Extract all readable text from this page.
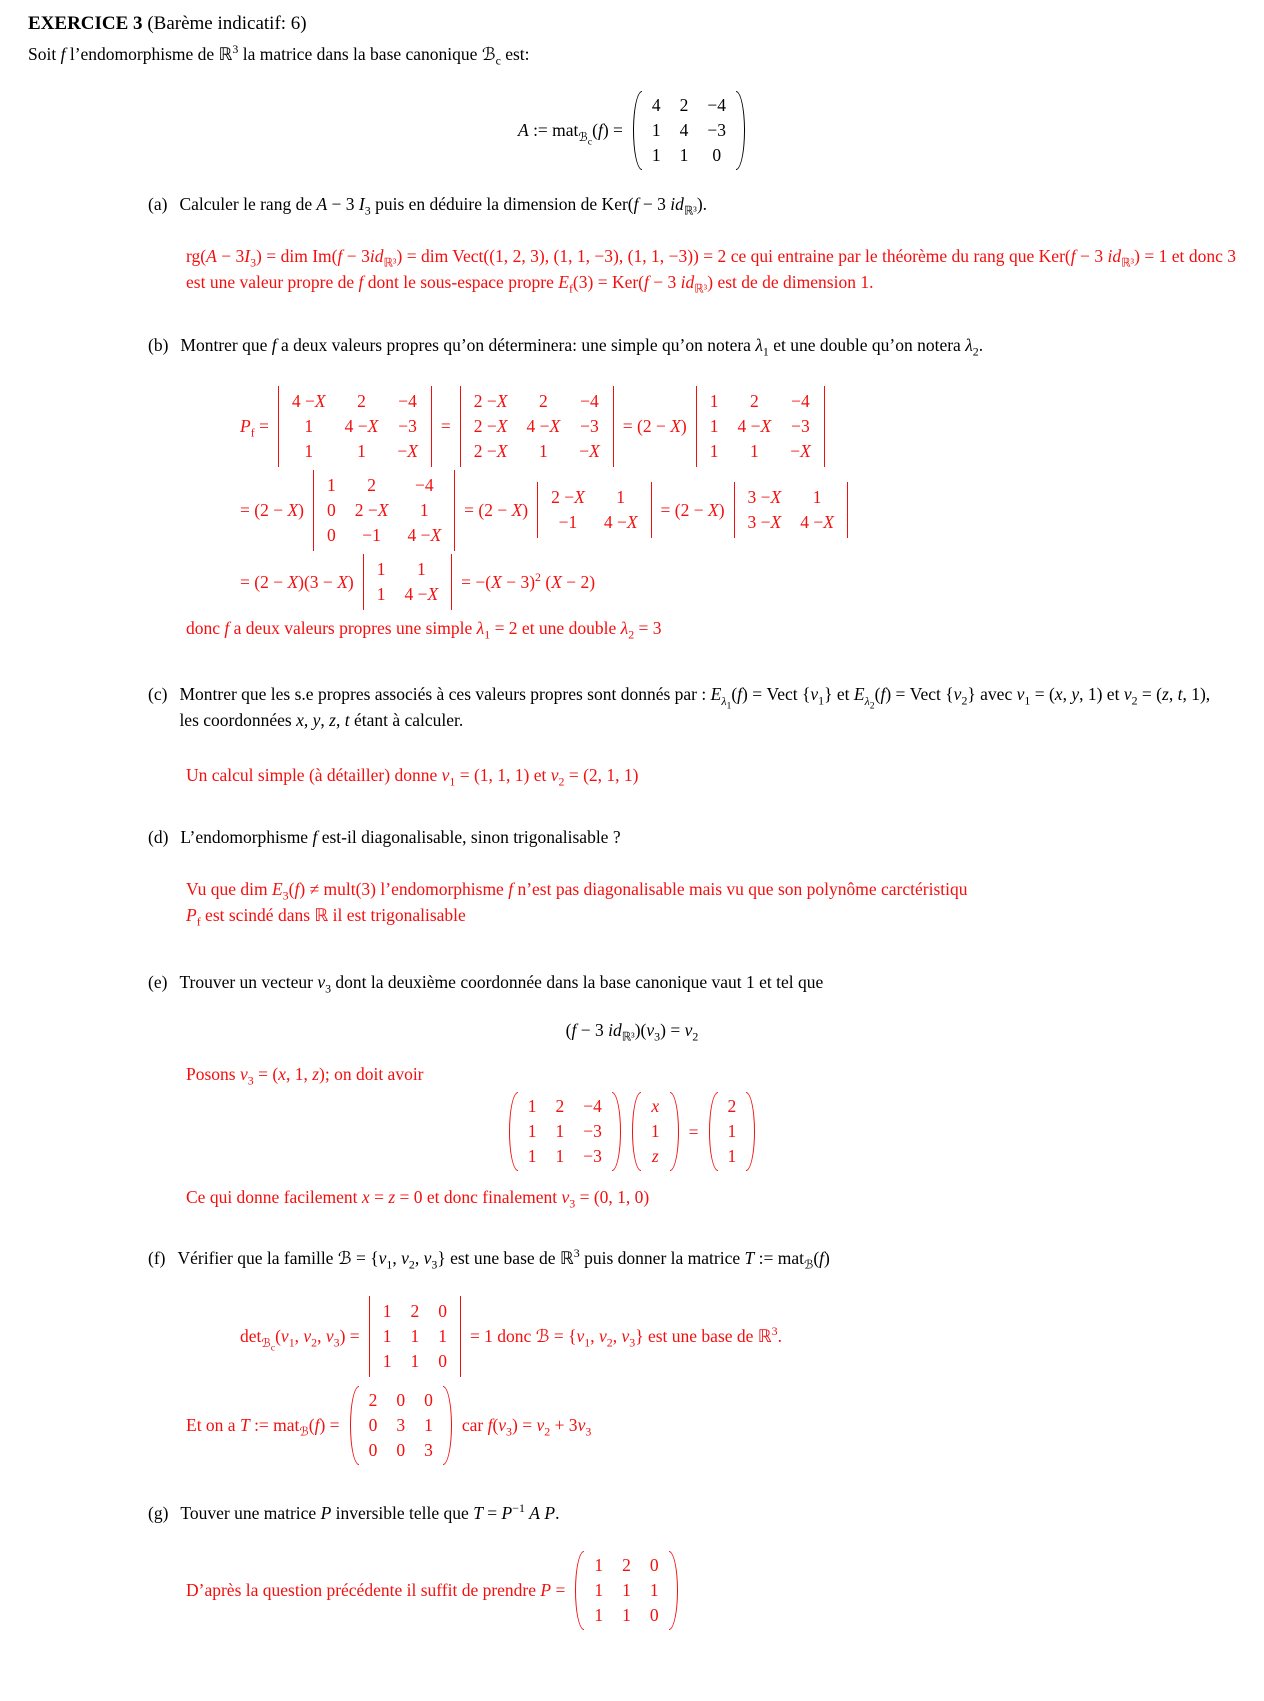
EXERCICE 3 (Barème indicatif: 6)
Soit f l’endomorphisme de ℝ$^3$ la matrice dans la base canonique ℬ$_c$ est:
A := mat$_{ℬ_c}$(f) =
4 2 −4
1 4 −3
1 1 0
(a) Calculer le rang de A − 3 $I_3$ puis en déduire la dimension de Ker(f − 3 $id_{ℝ^3}$).
$rg(A - 3I_3)$ = dim $Im(f - 3id_{ℝ^3})$ = dim Vect((1, 2, 3), (1, 1, −3), (1, 1, −3)) = 2 ce qui entraine par le théorème du rang que Ker(f − 3 $id_{ℝ^3}) = 1$ et donc 3 est une valeur propre de f dont le sous-espace propre $E_f(3) = Ker(f - 3$ $id_{ℝ^3}$) est de de dimension 1.
(b) Montrer que f a deux valeurs propres qu’on déterminera: une simple qu’on notera $\lambda_1$ et une double qu’on notera $\lambda_2$.
$P_f$ =
4 − X 2 −4
1 4 − X −3
1	1 − X
=
2 − X 2 −4
2 − X 4 − X −3
2 − X 1 − X
= (2 − X)
1 2 −4
1 4 − X −3
1 1 − X
= (2 − X)
1 2 −4
0 2 − X 1
0 −1 4 − X
= (2 − X)
2 − X 1
−1 4 − X
= (2 − X)
3 − X 1
3 − X 4 − X
= (2 − X)(3 − X)
1 1
1 4 − X
= $-(X - 3)^2$ (X − 2)
donc f a deux valeurs propres une simple $\lambda_1 = 2$ et une double $\lambda_2 = 3$
(c) Montrer que les s.e propres associés à ces valeurs propres sont donnés par : $E_{\lambda_1}(f)$ = Vect $\{v_1\}$ et $E_{\lambda_2}(f)$ = Vect $\{v_2\}$ avec $v_1 = (x$, y, 1) et $v_2 = (z$, t, 1), les coordonnées x, y, z, t étant à calculer.
Un calcul simple (à détailler) donne $v_1 = (1$, 1, 1) et $v_2 = (2$, 1, 1)
(d) L’endomorphisme f est-il diagonalisable, sinon trigonalisable ?
Vu que dim $E_3(f)$ ≠ mult(3) l’endomorphisme f n’est pas diagonalisable mais vu que son polynôme carctéristiqu
$P_f$ est scindé dans ℝ il est trigonalisable
(e) Trouver un vecteur $v_3$ dont la deuxième coordonnée dans la base canonique vaut 1 et tel que
(f − 3 $id_{ℝ^3})(v_3) = v_2$
Posons $v_3 = (x$, 1, z); on doit avoir
1 2 −4
1 1 −3
1 1 −3
x
1
z
=
2
1
1
Ce qui donne facilement x = z = 0 et donc finalement $v_3 = (0$, 1, 0)
(f) Vérifier que la famille ℬ = {$v_1$, $v_2$, $v_3$} est une base de ℝ$^3$ puis donner la matrice T := mat$_ℬ$(f)
$\det_{ℬ_c}(v_1$, $v_2$, $v_3$) =
1 2 0
1 1 1
1 1 0
= 1 donc ℬ = {$v_1$, $v_2$, $v_3$} est une base de ℝ$^3$.
Et on a T := mat$_ℬ$(f) =
2 0 0
0 3 1
0 0 3
car $f(v_3) = v_2 + 3v_3$
(g) Touver une matrice P inversible telle que $T = P^{-1}$ A P.
D’après la question précédente il suffit de prendre P =
1 2 0
1 1 1
1 1 0
